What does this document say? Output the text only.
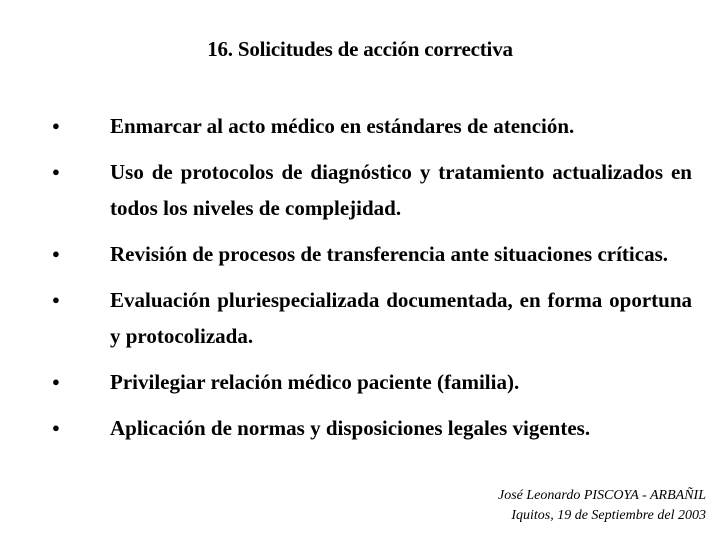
16. Solicitudes de acción correctiva
●	Enmarcar al acto médico en estándares de atención.
●	Uso de protocolos de diagnóstico y tratamiento actualizados en todos los niveles de complejidad.
●	Revisión de procesos de transferencia ante situaciones críticas.
●	Evaluación pluriespecializada documentada, en forma oportuna y protocolizada.
●	Privilegiar relación médico paciente (familia).
●	Aplicación de normas y disposiciones legales vigentes.
José Leonardo PISCOYA - ARBAÑIL
Iquitos, 19 de Septiembre del 2003
